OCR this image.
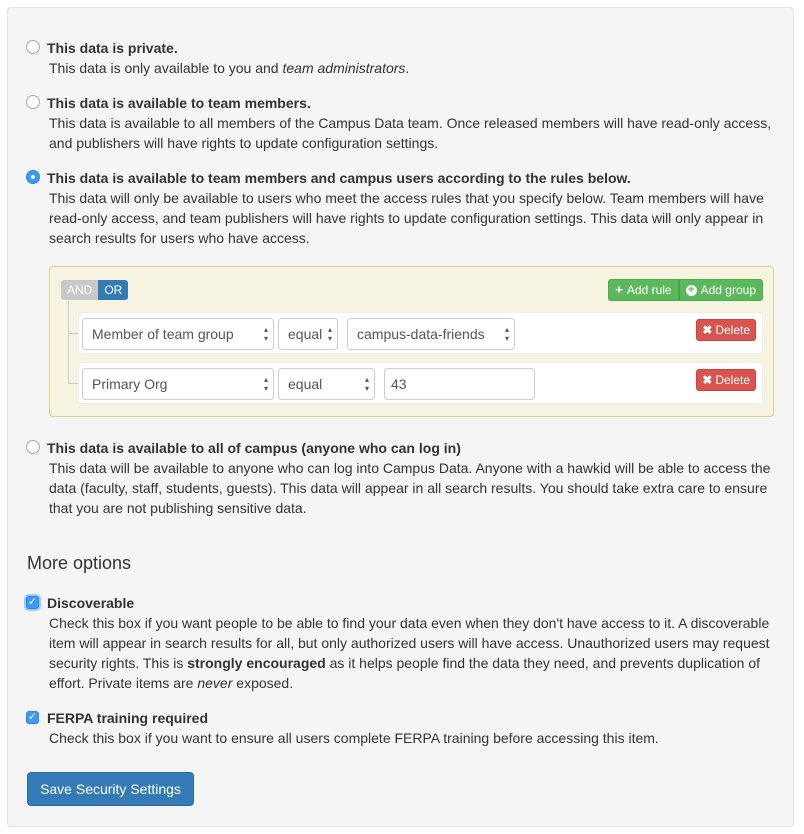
This data is private.
This data is only available to you and team administrators.
This data is available to team members.
This data is available to all members of the Campus Data team. Once released members will have read-only access, and publishers will have rights to update configuration settings.
This data is available to team members and campus users according to the rules below.
This data will only be available to users who meet the access rules that you specify below. Team members will have read-only access, and team publishers will have rights to update configuration settings. This data will only appear in search results for users who have access.
AND	OR	+ Add rule + Add group
Member of team group ▴ ▾	equal ▴ ▾	campus-data-friends ▴ ▾	✖ Delete
Primary Org ▴ ▾	equal ▴ ▾	43	✖ Delete
This data is available to all of campus (anyone who can log in)
This data will be available to anyone who can log into Campus Data. Anyone with a hawkid will be able to access the data (faculty, staff, students, guests). This data will appear in all search results. You should take extra care to ensure that you are not publishing sensitive data.
More options
✓ Discoverable
Check this box if you want people to be able to find your data even when they don't have access to it. A discoverable item will appear in search results for all, but only authorized users will have access. Unauthorized users may request security rights. This is strongly encouraged as it helps people find the data they need, and prevents duplication of effort. Private items are never exposed.
✓ FERPA training required
Check this box if you want to ensure all users complete FERPA training before accessing this item.
Save Security Settings
